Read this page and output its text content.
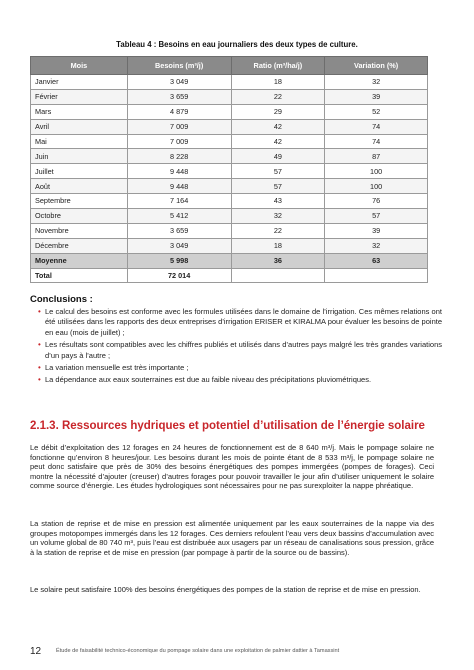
Tableau 4 : Besoins en eau journaliers des deux types de culture.
Mois	Besoins (m³/j)	Ratio (m³/ha/j)	Variation (%)
Janvier	3 049	18	32
Février	3 659	22	39
Mars	4 879	29	52
Avril	7 009	42	74
Mai	7 009	42	74
Juin	8 228	49	87
Juillet	9 448	57	100
Août	9 448	57	100
Septembre	7 164	43	76
Octobre	5 412	32	57
Novembre	3 659	22	39
Décembre	3 049	18	32
Moyenne	5 998	36	63
Total	72 014		
Conclusions :
• Le calcul des besoins est conforme avec les formules utilisées dans le domaine de l’irrigation. Ces mêmes relations ont été utilisées dans les rapports des deux entreprises d’irrigation ERISER et KIRALMA pour évaluer les besoins de pointe en eau (mois de juillet) ;
• Les résultats sont compatibles avec les chiffres publiés et utilisés dans d’autres pays malgré les très grandes variations d’un pays à l’autre ;
• La variation mensuelle est très importante ;
• La dépendance aux eaux souterraines est due au faible niveau des précipitations pluviométriques.
2.1.3. Ressources hydriques et potentiel d’utilisation de l’énergie solaire

Le débit d’exploitation des 12 forages en 24 heures de fonctionnement est de 8 640 m³/j. Mais le pompage solaire ne fonctionne qu’environ 8 heures/jour. Les besoins durant les mois de pointe étant de 8 533 m³/j, le pompage solaire ne peut donc satisfaire que près de 30% des besoins énergétiques des pompes immergées (pompes de forages). Ceci montre la nécessité d’ajouter (creuser) d’autres forages pour pouvoir travailler le jour afin d’utiliser uniquement le solaire comme source d’énergie. Les études hydrologiques sont nécessaires pour ne pas surexploiter la nappe phréatique.

La station de reprise et de mise en pression est alimentée uniquement par les eaux souterraines de la nappe via des groupes motopompes immergés dans les 12 forages. Ces derniers refoulent l’eau vers deux bassins d’accumulation avec un volume global de 80 740 m³, puis l’eau est distribuée aux usagers par un réseau de canalisations sous pression, grâce à la station de reprise et de mise en pression (par pompage à partir de la source ou de bassins).

Le solaire peut satisfaire 100% des besoins énergétiques des pompes de la station de reprise et de mise en pression.

12	Étude de faisabilité technico-économique du pompage solaire dans une exploitation de palmier dattier à Tamassint
